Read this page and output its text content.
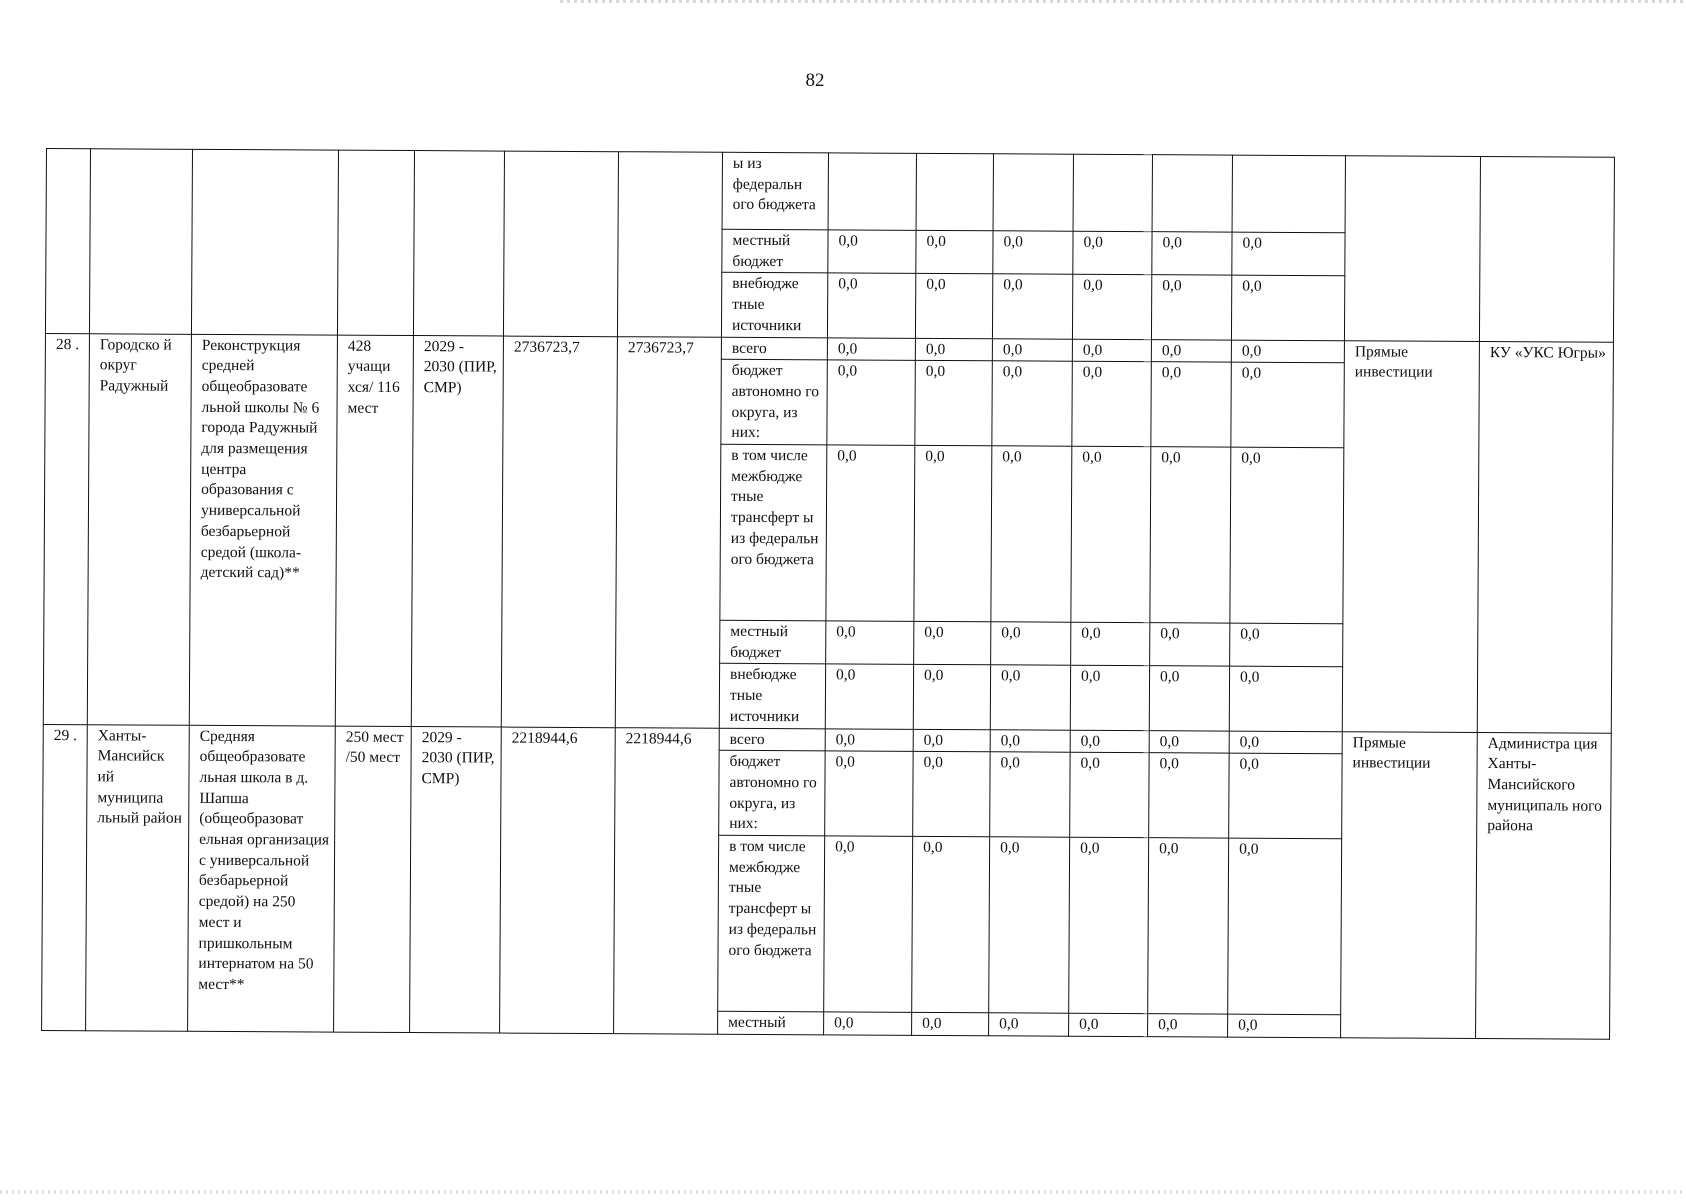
82
							ы из федеральн ого бюджета								
							местный бюджет	0,0	0,0	0,0	0,0	0,0	0,0		
							внебюдже тные источники	0,0	0,0	0,0	0,0	0,0	0,0		
28 .	Городско й округ Радужный	Реконструкция средней общеобразовате льной школы № 6 города Радужный для размещения центра образования с универсальной безбарьерной средой (школа-детский сад)**	428 учащи хся/ 116 мест	2029 - 2030 (ПИР, СМР)	2736723,7	2736723,7	всего	0,0	0,0	0,0	0,0	0,0	0,0	Прямые инвестиции	КУ «УКС Югры»
							бюджет автономно го округа, из них:	0,0	0,0	0,0	0,0	0,0	0,0		
							в том числе межбюдже тные трансферт ы из федеральн ого бюджета	0,0	0,0	0,0	0,0	0,0	0,0		
							местный бюджет	0,0	0,0	0,0	0,0	0,0	0,0		
							внебюдже тные источники	0,0	0,0	0,0	0,0	0,0	0,0		
29 .	Ханты-Мансийск ий муниципа льный район	Средняя общеобразовате льная школа в д. Шапша (общеобразоват ельная организация с универсальной безбарьерной средой) на 250 мест и пришкольным интернатом на 50 мест**	250 мест /50 мест	2029 - 2030 (ПИР, СМР)	2218944,6	2218944,6	всего	0,0	0,0	0,0	0,0	0,0	0,0	Прямые инвестиции	Администра ция Ханты-Мансийского муниципаль ного района
							бюджет автономно го округа, из них:	0,0	0,0	0,0	0,0	0,0	0,0		
							в том числе межбюдже тные трансферт ы из федеральн ого бюджета	0,0	0,0	0,0	0,0	0,0	0,0		
							местный	0,0	0,0	0,0	0,0	0,0	0,0		
